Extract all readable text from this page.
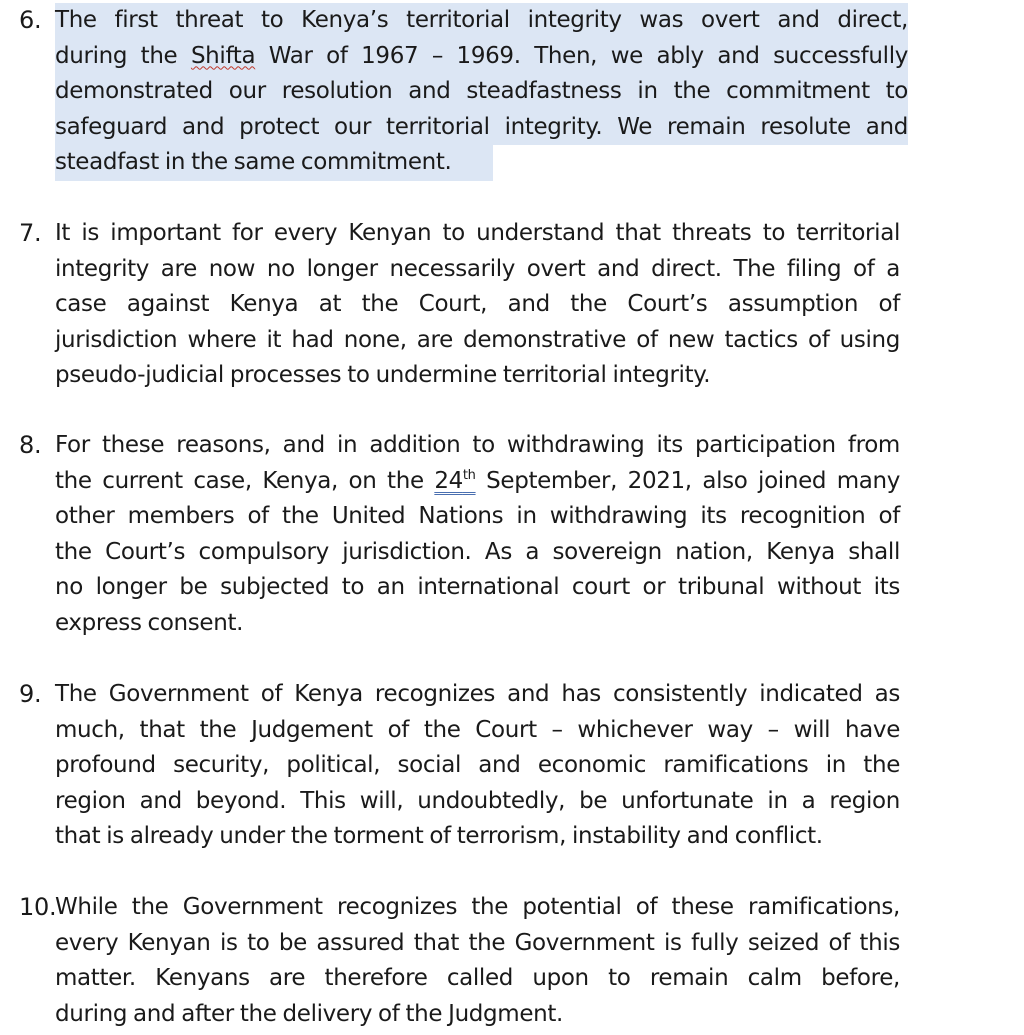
6. The first threat to Kenya’s territorial integrity was overt and direct,
during the Shifta War of 1967 – 1969. Then, we ably and successfully
demonstrated our resolution and steadfastness in the commitment to
safeguard and protect our territorial integrity. We remain resolute and
steadfast in the same commitment.
7. It is important for every Kenyan to understand that threats to territorial
integrity are now no longer necessarily overt and direct. The filing of a
case against Kenya at the Court, and the Court’s assumption of
jurisdiction where it had none, are demonstrative of new tactics of using
pseudo-judicial processes to undermine territorial integrity.
8. For these reasons, and in addition to withdrawing its participation from
the current case, Kenya, on the 24th September, 2021, also joined many
other members of the United Nations in withdrawing its recognition of
the Court’s compulsory jurisdiction. As a sovereign nation, Kenya shall
no longer be subjected to an international court or tribunal without its
express consent.
9. The Government of Kenya recognizes and has consistently indicated as
much, that the Judgement of the Court – whichever way – will have
profound security, political, social and economic ramifications in the
region and beyond. This will, undoubtedly, be unfortunate in a region
that is already under the torment of terrorism, instability and conflict.
10.
While the Government recognizes the potential of these ramifications,
every Kenyan is to be assured that the Government is fully seized of this
matter. Kenyans are therefore called upon to remain calm before,
during and after the delivery of the Judgment.
